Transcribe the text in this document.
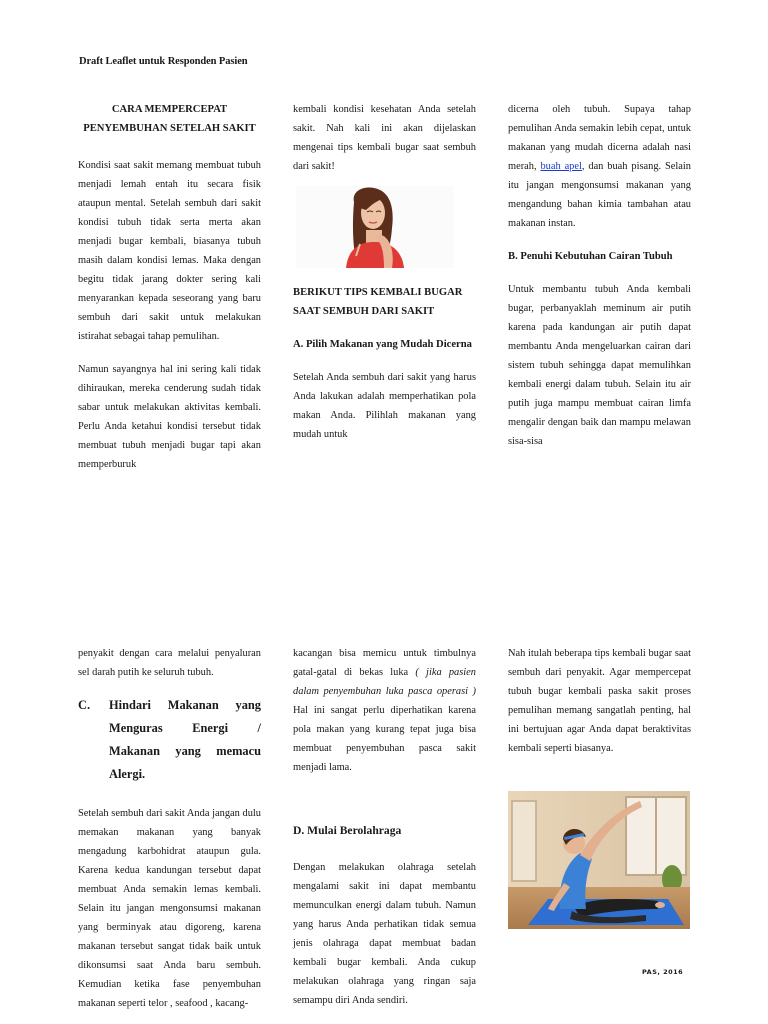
Draft Leaflet untuk Responden Pasien
CARA MEMPERCEPAT
PENYEMBUHAN SETELAH SAKIT

Kondisi saat sakit memang membuat tubuh menjadi lemah entah itu secara fisik ataupun mental. Setelah sembuh dari sakit kondisi tubuh tidak serta merta akan menjadi bugar kembali, biasanya tubuh masih dalam kondisi lemas. Maka dengan begitu tidak jarang dokter sering kali menyarankan kepada seseorang yang baru sembuh dari sakit untuk melakukan istirahat sebagai tahap pemulihan.

Namun sayangnya hal ini sering kali tidak dihiraukan, mereka cenderung sudah tidak sabar untuk melakukan aktivitas kembali. Perlu Anda ketahui kondisi tersebut tidak membuat tubuh menjadi bugar tapi akan memperburuk

kembali kondisi kesehatan Anda setelah sakit. Nah kali ini akan dijelaskan mengenai tips kembali bugar saat sembuh dari sakit!

BERIKUT TIPS KEMBALI BUGAR
SAAT SEMBUH DARI SAKIT
A. Pilih Makanan yang Mudah Dicerna

Setelah Anda sembuh dari sakit yang harus Anda lakukan adalah memperhatikan pola makan Anda. Pilihlah makanan yang mudah untuk

dicerna oleh tubuh. Supaya tahap pemulihan Anda semakin lebih cepat, untuk makanan yang mudah dicerna adalah nasi merah, buah apel, dan buah pisang. Selain itu jangan mengonsumsi makanan yang mengandung bahan kimia tambahan atau makanan instan.

B. Penuhi Kebutuhan Cairan Tubuh

Untuk membantu tubuh Anda kembali bugar, perbanyaklah meminum air putih karena pada kandungan air putih dapat membantu Anda mengeluarkan cairan dari sistem tubuh sehingga dapat memulihkan kembali energi dalam tubuh. Selain itu air putih juga mampu membuat cairan limfa mengalir dengan baik dan mampu melawan sisa-sisa

penyakit dengan cara melalui penyaluran sel darah putih ke seluruh tubuh.

C.	Hindari Makanan yang Menguras Energi / Makanan yang memacu Alergi.

Setelah sembuh dari sakit Anda jangan dulu memakan makanan yang banyak mengadung karbohidrat ataupun gula. Karena kedua kandungan tersebut dapat membuat Anda semakin lemas kembali. Selain itu jangan mengonsumsi makanan yang berminyak atau digoreng, karena makanan tersebut sangat tidak baik untuk dikonsumsi saat Anda baru sembuh. Kemudian ketika fase penyembuhan makanan seperti telor , seafood , kacang-

kacangan bisa memicu untuk timbulnya gatal-gatal di bekas luka ( jika pasien dalam penyembuhan luka pasca operasi ) Hal ini sangat perlu diperhatikan karena pola makan yang kurang tepat juga bisa membuat penyembuhan pasca sakit menjadi lama.

D. Mulai Berolahraga

Dengan melakukan olahraga setelah mengalami sakit ini dapat membantu memunculkan energi dalam tubuh. Namun yang harus Anda perhatikan tidak semua jenis olahraga dapat membuat badan kembali bugar kembali. Anda cukup melakukan olahraga yang ringan saja semampu diri Anda sendiri.

Nah itulah beberapa tips kembali bugar saat sembuh dari penyakit. Agar mempercepat tubuh bugar kembali paska sakit proses pemulihan memang sangatlah penting, hal ini bertujuan agar Anda dapat beraktivitas kembali seperti biasanya.

PAS, 2016
